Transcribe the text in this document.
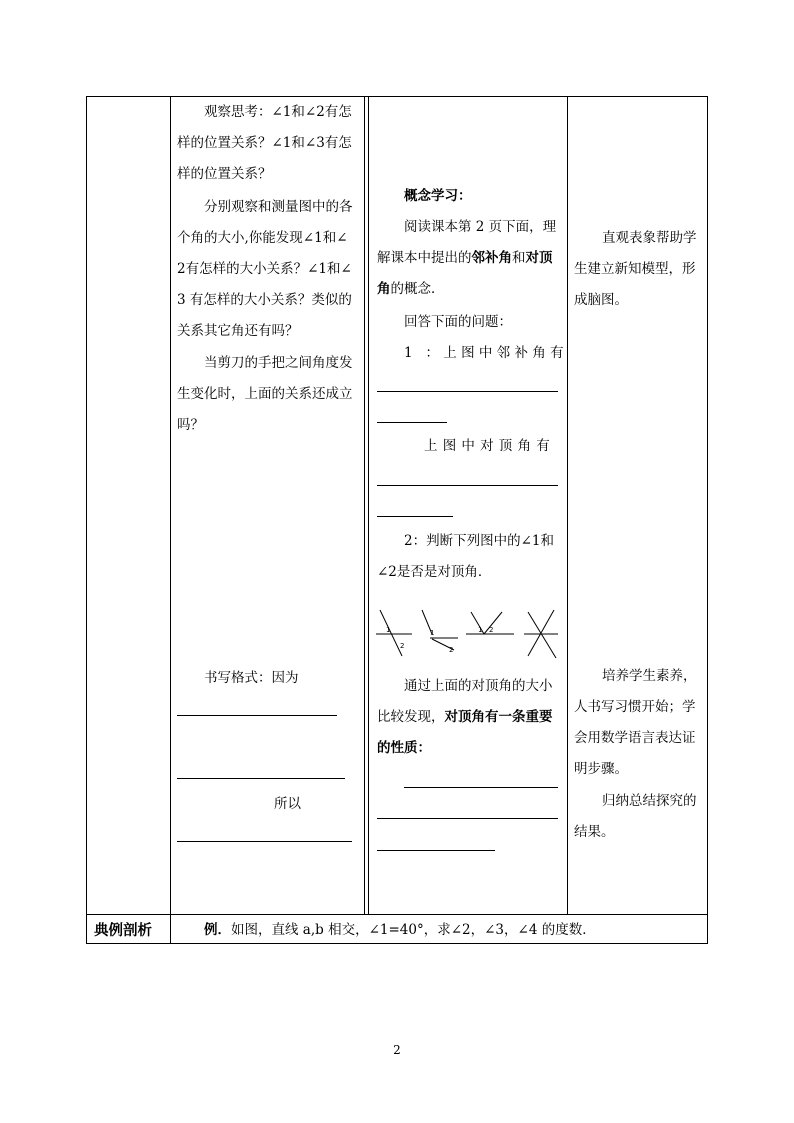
观察思考：∠1和∠2有怎
样的位置关系？∠1和∠3有怎
样的位置关系？
分别观察和测量图中的各
个角的大小,你能发现∠1和∠
2有怎样的大小关系？∠1和∠
3 有怎样的大小关系？类似的
关系其它角还有吗？
当剪刀的手把之间角度发
生变化时，上面的关系还成立
吗？
书写格式：因为
所以
概念学习：
阅读课本第 2 页下面，理
解课本中提出的邻补角和对顶
角的概念．
回答下面的问题：
1 ：上图中邻补角有
上图中对顶角有
2：判断下列图中的∠1和
∠2是否是对顶角．
1
2
1
2
1 2
通过上面的对顶角的大小
比较发现，对顶角有一条重要
的性质：
直观表象帮助学
生建立新知模型，形
成脑图。
培养学生素养，
人书写习惯开始；学
会用数学语言表达证
明步骤。
归纳总结探究的
结果。
典例剖析	例．如图，直线 a,b 相交，∠1=40°，求∠2，∠3，∠4 的度数．
2
